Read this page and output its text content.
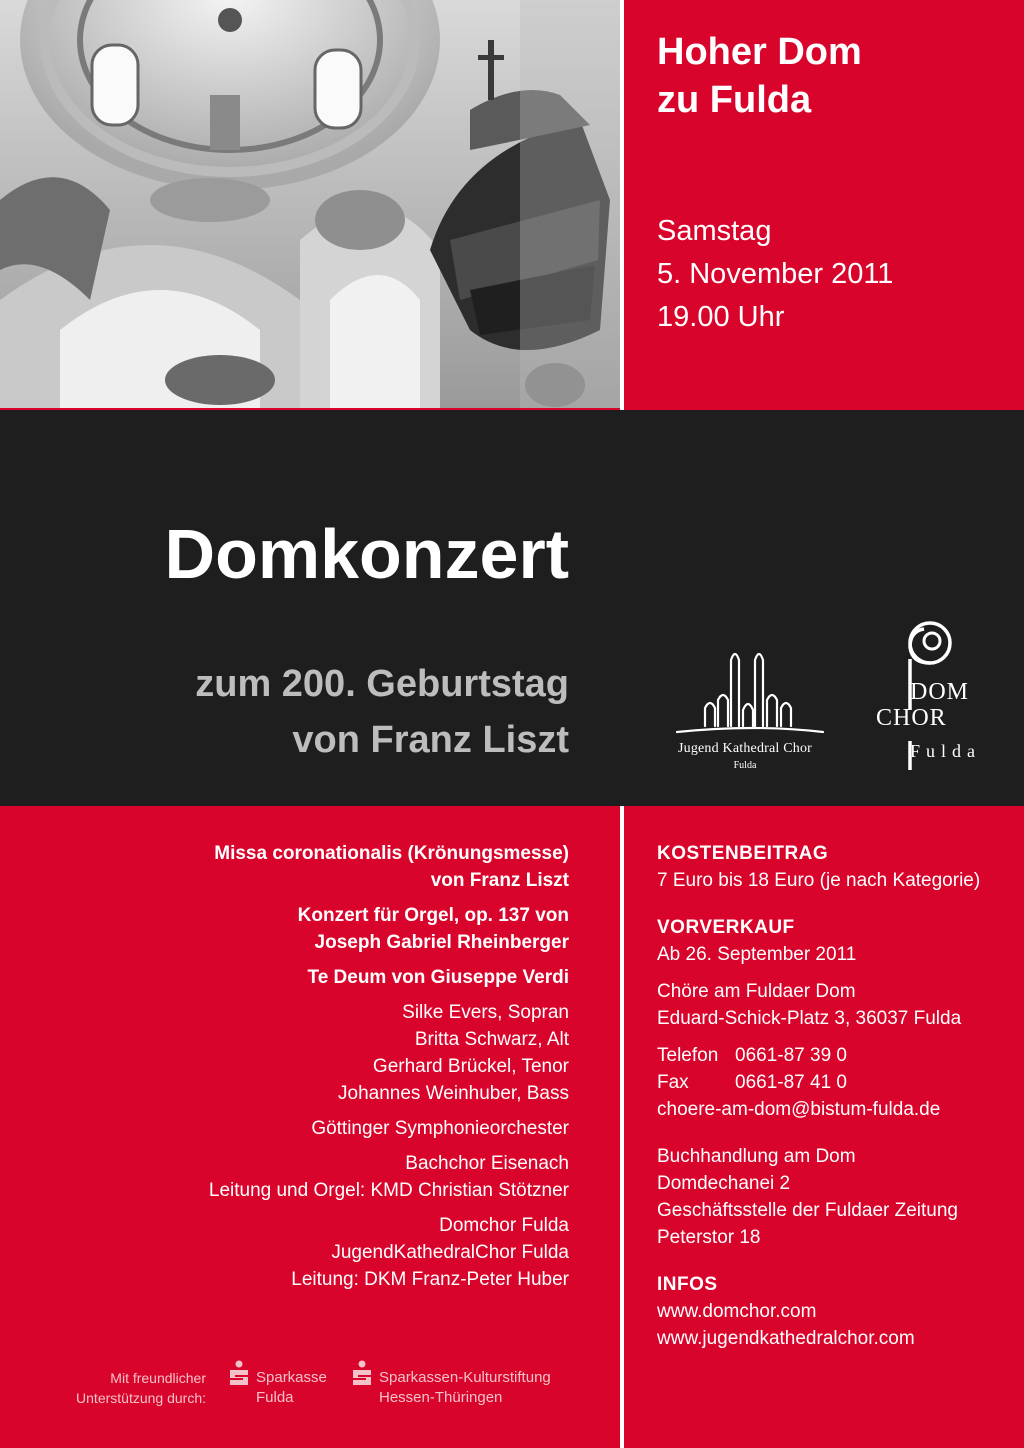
Hoher Dom
zu Fulda
Samstag
5. November 2011
19.00 Uhr
Domkonzert
zum 200. Geburtstag
von Franz Liszt	Jugend Kathedral Chor
Fulda
DOM
CHOR
Fulda
Missa coronationalis (Krönungsmesse)
von Franz Liszt
Konzert für Orgel, op. 137 von
Joseph Gabriel Rheinberger
Te Deum von Giuseppe Verdi
Silke Evers, Sopran
Britta Schwarz, Alt
Gerhard Brückel, Tenor
Johannes Weinhuber, Bass
Göttinger Symphonieorchester
Bachchor Eisenach
Leitung und Orgel: KMD Christian Stötzner
Domchor Fulda
JugendKathedralChor Fulda
Leitung: DKM Franz-Peter Huber
Mit freundlicher
Unterstützung durch:
Sparkasse
Fulda
Sparkassen-Kulturstiftung
Hessen-Thüringen
KOSTENBEITRAG
7 Euro bis 18 Euro (je nach Kategorie)
VORVERKAUF
Ab 26. September 2011
Chöre am Fuldaer Dom
Eduard-Schick-Platz 3, 36037 Fulda
Telefon 0661-87 39 0
Fax	0661-87 41 0
choere-am-dom@bistum-fulda.de
Buchhandlung am Dom
Domdechanei 2
Geschäftsstelle der Fuldaer Zeitung
Peterstor 18
INFOS
www.domchor.com
www.jugendkathedralchor.com
